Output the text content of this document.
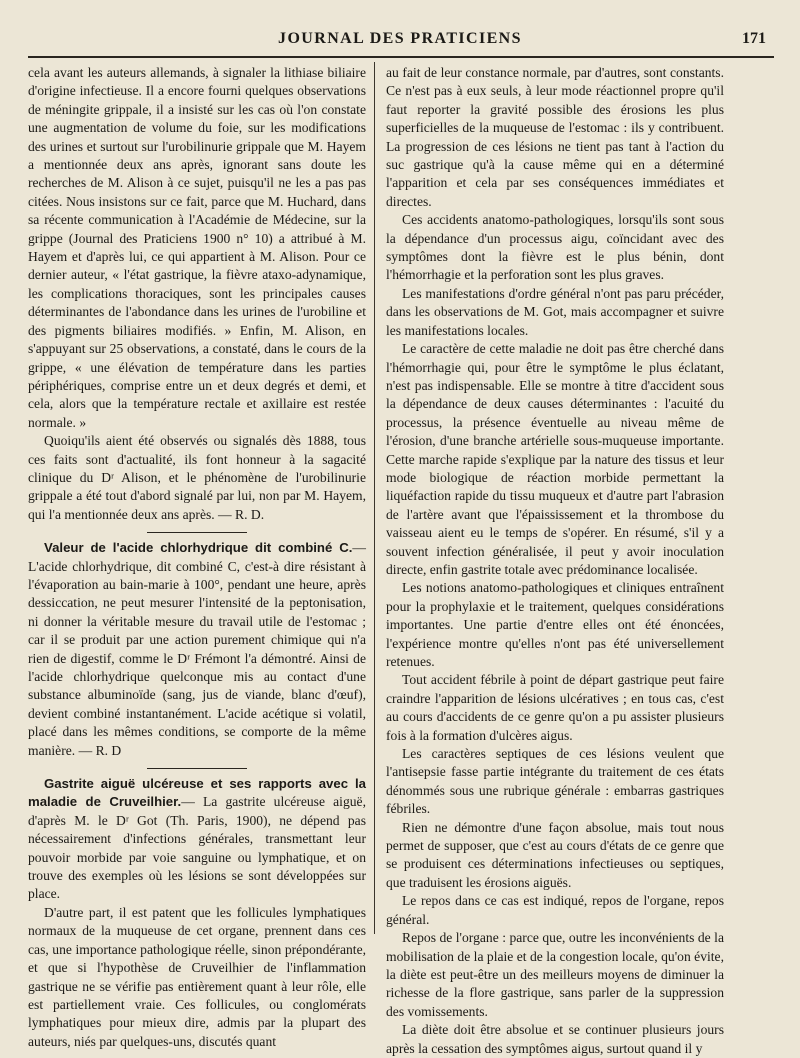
JOURNAL DES PRATICIENS	171

cela avant les auteurs allemands, à signaler la lithiase biliaire d'origine infectieuse. Il a encore fourni quelques observations de méningite grippale, il a insisté sur les cas où l'on constate une augmentation de volume du foie, sur les modifications des urines et surtout sur l'urobilinurie grippale que M. Hayem a mentionnée deux ans après, ignorant sans doute les recherches de M. Alison à ce sujet, puisqu'il ne les a pas pas citées. Nous insistons sur ce fait, parce que M. Huchard, dans sa récente communication à l'Académie de Médecine, sur la grippe (Journal des Praticiens 1900 n° 10) a attribué à M. Hayem et d'après lui, ce qui appartient à M. Alison. Pour ce dernier auteur, « l'état gastrique, la fièvre ataxo-adynamique, les complications thoraciques, sont les principales causes déterminantes de l'abondance dans les urines de l'urobiline et des pigments biliaires modifiés. » Enfin, M. Alison, en s'appuyant sur 25 observations, a constaté, dans le cours de la grippe, « une élévation de température dans les parties périphériques, comprise entre un et deux degrés et demi, et cela, alors que la température rectale et axillaire est restée normale. »

Quoiqu'ils aient été observés ou signalés dès 1888, tous ces faits sont d'actualité, ils font honneur à la sagacité clinique du Dʳ Alison, et le phénomène de l'urobilinurie grippale a été tout d'abord signalé par lui, non par M. Hayem, qui l'a mentionnée deux ans après. — R. D.

Valeur de l'acide chlorhydrique dit combiné C.— L'acide chlorhydrique, dit combiné C, c'est-à dire résistant à l'évaporation au bain-marie à 100°, pendant une heure, après dessiccation, ne peut mesurer l'intensité de la peptonisation, ni donner la véritable mesure du travail utile de l'estomac ; car il se produit par une action purement chimique qui n'a rien de digestif, comme le Dʳ Frémont l'a démontré. Ainsi de l'acide chlorhydrique quelconque mis au contact d'une substance albuminoïde (sang, jus de viande, blanc d'œuf), devient combiné instantanément. L'acide acétique si volatil, placé dans les mêmes conditions, se comporte de la même manière. — R. D

Gastrite aiguë ulcéreuse et ses rapports avec la maladie de Cruveilhier.— La gastrite ulcéreuse aiguë, d'après M. le Dʳ Got (Th. Paris, 1900), ne dépend pas nécessairement d'infections générales, transmettant leur pouvoir morbide par voie sanguine ou lymphatique, et on trouve des exemples où les lésions se sont développées sur place.

D'autre part, il est patent que les follicules lymphatiques normaux de la muqueuse de cet organe, prennent dans ces cas, une importance pathologique réelle, sinon prépondérante, et que si l'hypothèse de Cruveilhier de l'inflammation gastrique ne se vérifie pas entièrement quant à leur rôle, elle est partiellement vraie. Ces follicules, ou conglomérats lymphatiques pour mieux dire, admis par la plupart des auteurs, niés par quelques-uns, discutés quant

au fait de leur constance normale, par d'autres, sont constants. Ce n'est pas à eux seuls, à leur mode réactionnel propre qu'il faut reporter la gravité possible des érosions les plus superficielles de la muqueuse de l'estomac : ils y contribuent. La progression de ces lésions ne tient pas tant à l'action du suc gastrique qu'à la cause même qui en a déterminé l'apparition et cela par ses conséquences immédiates et directes.

Ces accidents anatomo-pathologiques, lorsqu'ils sont sous la dépendance d'un processus aigu, coïncidant avec des symptômes dont la fièvre est le plus bénin, dont l'hémorrhagie et la perforation sont les plus graves.

Les manifestations d'ordre général n'ont pas paru précéder, dans les observations de M. Got, mais accompagner et suivre les manifestations locales.

Le caractère de cette maladie ne doit pas être cherché dans l'hémorrhagie qui, pour être le symptôme le plus éclatant, n'est pas indispensable. Elle se montre à titre d'accident sous la dépendance de deux causes déterminantes : l'acuité du processus, la présence éventuelle au niveau même de l'érosion, d'une branche artérielle sous-muqueuse importante. Cette marche rapide s'explique par la nature des tissus et leur mode biologique de réaction morbide permettant la liquéfaction rapide du tissu muqueux et d'autre part l'abrasion de l'artère avant que l'épaississement et la thrombose du vaisseau aient eu le temps de s'opérer. En résumé, s'il y a souvent infection généralisée, il peut y avoir inoculation directe, enfin gastrite totale avec prédominance localisée.

Les notions anatomo-pathologiques et cliniques entraînent pour la prophylaxie et le traitement, quelques considérations importantes. Une partie d'entre elles ont été énoncées, l'expérience montre qu'elles n'ont pas été universellement retenues.

Tout accident fébrile à point de départ gastrique peut faire craindre l'apparition de lésions ulcératives ; en tous cas, c'est au cours d'accidents de ce genre qu'on a pu assister plusieurs fois à la formation d'ulcères aigus.

Les caractères septiques de ces lésions veulent que l'antisepsie fasse partie intégrante du traitement de ces états dénommés sous une rubrique générale : embarras gastriques fébriles.

Rien ne démontre d'une façon absolue, mais tout nous permet de supposer, que c'est au cours d'états de ce genre que se produisent ces déterminations infectieuses ou septiques, que traduisent les érosions aiguës.

Le repos dans ce cas est indiqué, repos de l'organe, repos général.

Repos de l'organe : parce que, outre les inconvénients de la mobilisation de la plaie et de la congestion locale, qu'on évite, la diète est peut-être un des meilleurs moyens de diminuer la richesse de la flore gastrique, sans parler de la suppression des vomissements.

La diète doit être absolue et se continuer plusieurs jours après la cessation des symptômes aigus, surtout quand il y
